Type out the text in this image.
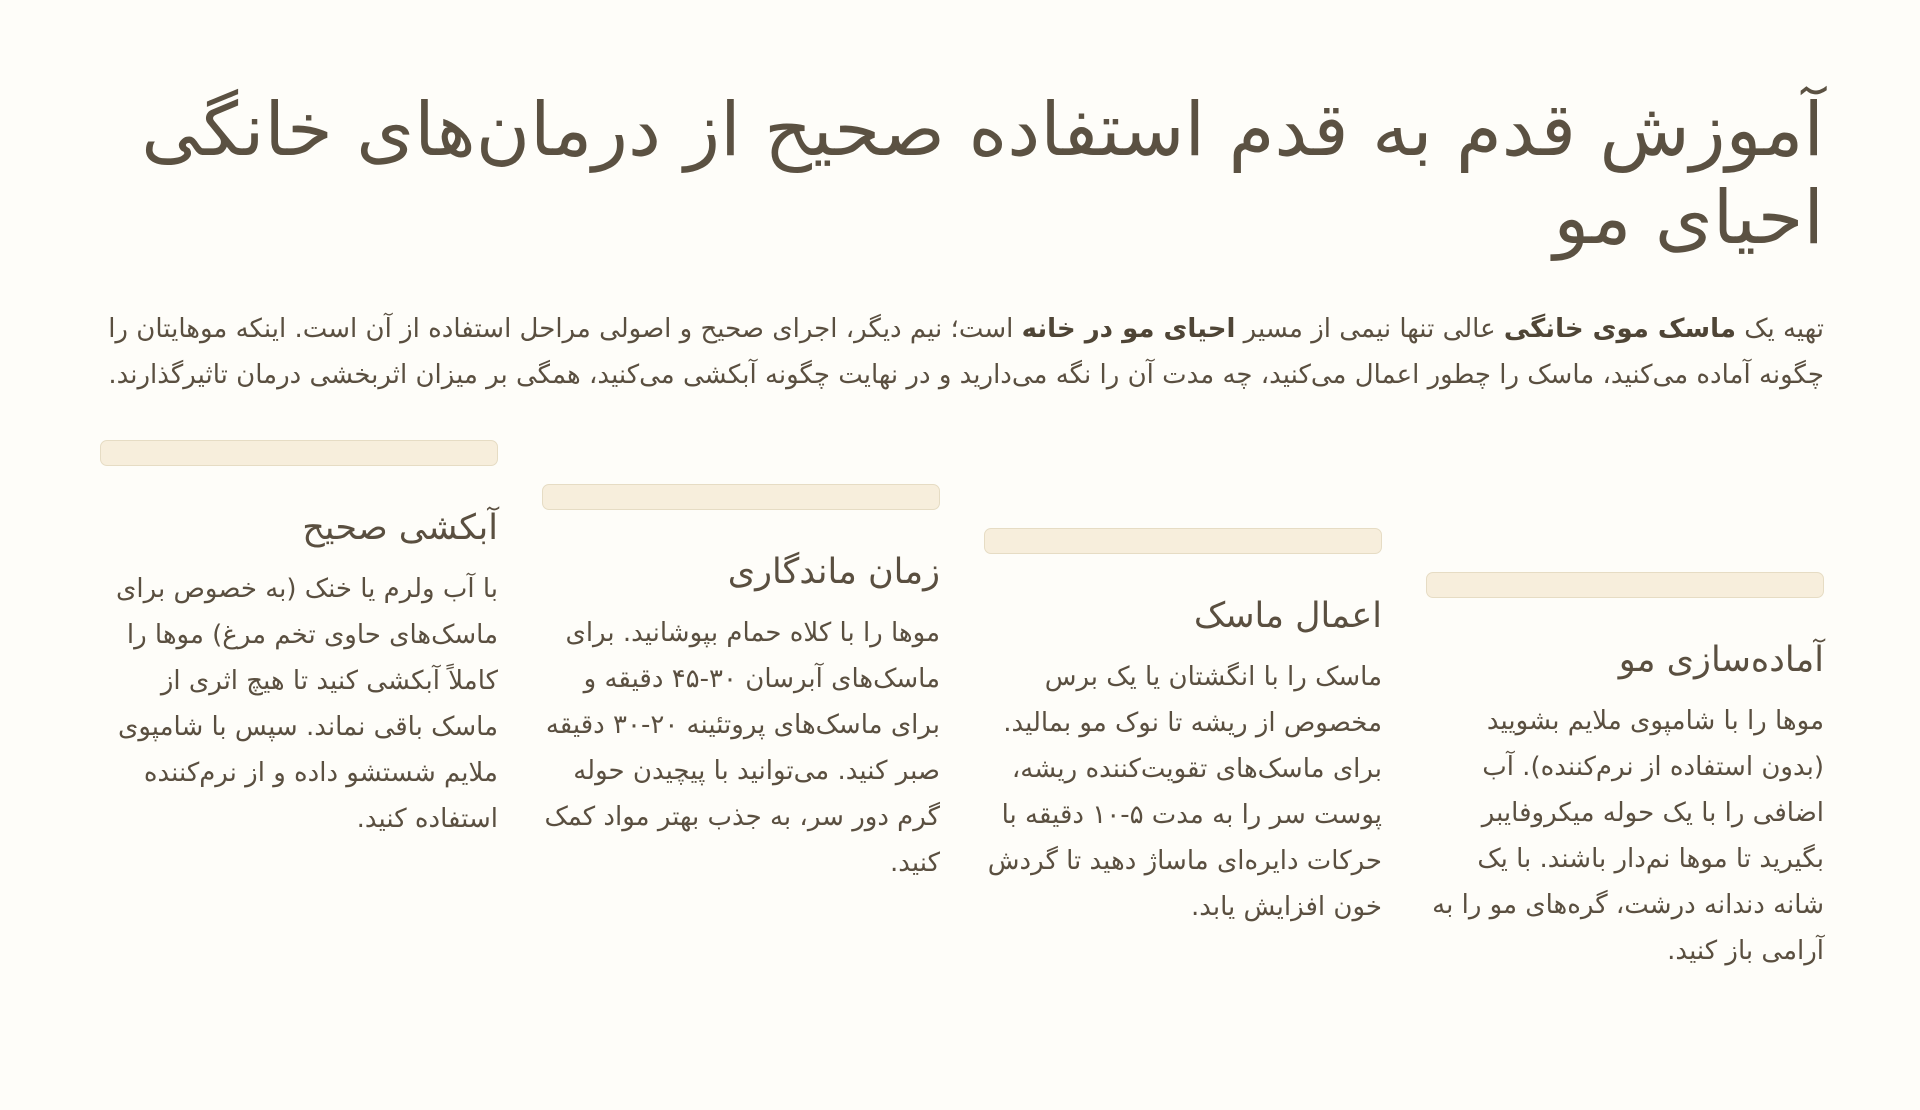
آموزش قدم به قدم استفاده صحیح از درمان‌های خانگی احیای مو

تهیه یک ماسک موی خانگی عالی تنها نیمی از مسیر احیای مو در خانه است؛ نیم دیگر، اجرای صحیح و اصولی مراحل استفاده از آن است. اینکه موهایتان را چگونه آماده می‌کنید، ماسک را چطور اعمال می‌کنید، چه مدت آن را نگه می‌دارید و در نهایت چگونه آبکشی می‌کنید، همگی بر میزان اثربخشی درمان تاثیرگذارند.

آماده‌سازی مو

موها را با شامپوی ملایم بشویید (بدون استفاده از نرم‌کننده). آب اضافی را با یک حوله میکروفایبر بگیرید تا موها نم‌دار باشند. با یک شانه دندانه درشت، گره‌های مو را به آرامی باز کنید.

اعمال ماسک

ماسک را با انگشتان یا یک برس مخصوص از ریشه تا نوک مو بمالید. برای ماسک‌های تقویت‌کننده ریشه، پوست سر را به مدت ۵-۱۰ دقیقه با حرکات دایره‌ای ماساژ دهید تا گردش خون افزایش یابد.

زمان ماندگاری

موها را با کلاه حمام بپوشانید. برای ماسک‌های آبرسان ۳۰-۴۵ دقیقه و برای ماسک‌های پروتئینه ۲۰-۳۰ دقیقه صبر کنید. می‌توانید با پیچیدن حوله گرم دور سر، به جذب بهتر مواد کمک کنید.

آبکشی صحیح

با آب ولرم یا خنک (به خصوص برای ماسک‌های حاوی تخم مرغ) موها را کاملاً آبکشی کنید تا هیچ اثری از ماسک باقی نماند. سپس با شامپوی ملایم شستشو داده و از نرم‌کننده استفاده کنید.
